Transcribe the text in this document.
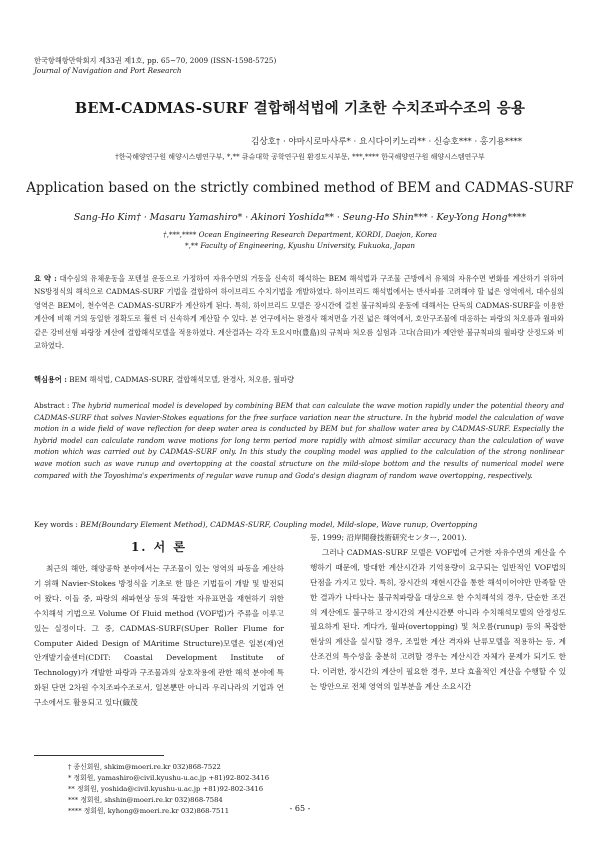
한국항해항만학회지 제33권 제1호, pp. 65~70, 2009 (ISSN-1598-5725)
Journal of Navigation and Port Research
BEM-CADMAS-SURF 결합해석법에 기초한 수치조파수조의 응용
김상호† · 야마시로마사루* · 요시다이키노리** · 신승호*** · 홍기용****
†한국해양연구원 해양시스템연구부, *,** 큐슈대학 공학연구원 환경도시부문, ***,**** 한국해양연구원 해양시스템연구부
Application based on the strictly combined method of BEM and CADMAS-SURF
Sang-Ho Kim† · Masaru Yamashiro* · Akinori Yoshida** · Seung-Ho Shin*** · Key-Yong Hong****
†,***,**** Ocean Engineering Research Department, KORDI, Daejon, Korea
*,** Faculty of Engineering, Kyushu University, Fukuoka, Japan
요 약 : 대수심의 유체운동을 포텐셜 운동으로 가정하여 자유수면의 거동을 신속히 해석하는 BEM 해석법과 구조물 근방에서 유체의 자유수면 변화를 계산하기 위하여 NS방정식의 해석으로 CADMAS-SURF 기법을 결합하여 하이브리드 수치기법을 개발하였다. 하이브리드 해석법에서는 반사파를 고려해야 할 넓은 영역에서, 대수심의 영역은 BEM이, 천수역은 CADMAS-SURF가 계산하게 된다. 특히, 하이브리드 모델은 장시간에 걸친 불규칙파의 운동에 대해서는 단독의 CADMAS-SURF을 이용한 계산에 비해 거의 동일한 정확도로 훨씬 더 신속하게 계산할 수 있다. 본 연구에서는 완경사 해저면을 가진 넓은 해역에서, 호안구조물에 대응하는 파랑의 처오름과 월파와 같은 강비선형 파랑장 계산에 결합해석모델을 적용하였다. 계산결과는 각각 토요시마(豊島)의 규칙파 처오름 실험과 고다(合田)가 제안한 불규칙파의 월파량 산정도와 비교하였다.
핵심용어 : BEM 해석법, CADMAS-SURF, 결합해석모델, 완경사, 처오름, 월파량
Abstract : The hybrid numerical model is developed by combining BEM that can calculate the wave motion rapidly under the potential theory and CADMAS-SURF that solves Navier-Stokes equations for the free surface variation near the structure. In the hybrid model the calculation of wave motion in a wide field of wave reflection for deep water area is conducted by BEM but for shallow water area by CADMAS-SURF. Especially the hybrid model can calculate random wave motions for long term period more rapidly with almost similar accuracy than the calculation of wave motion which was carried out by CADMAS-SURF only. In this study the coupling model was applied to the calculation of the strong nonlinear wave motion such as wave runup and overtopping at the coastal structure on the mild-slope bottom and the results of numerical model were compared with the Toyoshima's experiments of regular wave runup and Goda's design diagram of random wave overtopping, respectively.
Key words : BEM(Boundary Element Method), CADMAS-SURF, Coupling model, Mild-slope, Wave runup, Overtopping
1. 서 론

최근의 해안, 해양공학 분야에서는 구조물이 있는 영역의 파동을 계산하기 위해 Navier-Stokes 방정식을 기초로 한 많은 기법들이 개발 및 발전되어 왔다. 이들 중, 파랑의 쇄파현상 등의 복잡한 자유표면을 재현하기 위한 수치해석 기법으로 Volume Of Fluid method (VOF법)가 주류을 이루고 있는 실정이다. 그 중, CADMAS-SURF(SUper Roller Flume for Computer Aided Design of MAritime Structure)모델은 일본(재)연안개발기술센터(CDIT: Coastal Development Institute of Technology)가 개발한 파랑과 구조물과의 상호작용에 관한 해석 분야에 특화된 단면 2차원 수치조파수조로서, 일본뿐만 아니라 우리나라의 기업과 연구소에서도 활용되고 있다(織茂

등, 1999; 沿岸開發技術研究センター, 2001).

그러나 CADMAS-SURF 모델은 VOF법에 근거한 자유수면의 계산을 수행하기 때문에, 방대한 계산시간과 기억용량이 요구되는 일반적인 VOF법의 단점을 가지고 있다. 특히, 장시간의 재현시간을 통한 해석이어야만 만족할 만한 결과가 나타나는 불규칙파랑을 대상으로 한 수치해석의 경우, 단순한 조건의 계산에도 불구하고 장시간의 계산시간뿐 아니라 수치해석모델의 안정성도 필요하게 된다. 게다가, 월파(overtopping) 및 처오름(runup) 등의 복잡한 현상의 계산을 실시할 경우, 조밀한 계산 격자와 난류모델을 적용하는 등, 계산조건의 특수성을 충분히 고려할 경우는 계산시간 자체가 문제가 되기도 한다. 이러한, 장시간의 계산이 필요한 경우, 보다 효율적인 계산을 수행할 수 있는 방안으로 전체 영역의 일부분을 계산 소요시간

† 종신회원, shkim@moeri.re.kr 032)868-7522
* 정회원, yamashiro@civil.kyushu-u.ac.jp +81)92-802-3416
** 정회원, yoshida@civil.kyushu-u.ac.jp +81)92-802-3416
*** 정회원, shshin@moeri.re.kr 032)868-7584
**** 정회원, kyhong@moeri.re.kr 032)868-7511	- 65 -
